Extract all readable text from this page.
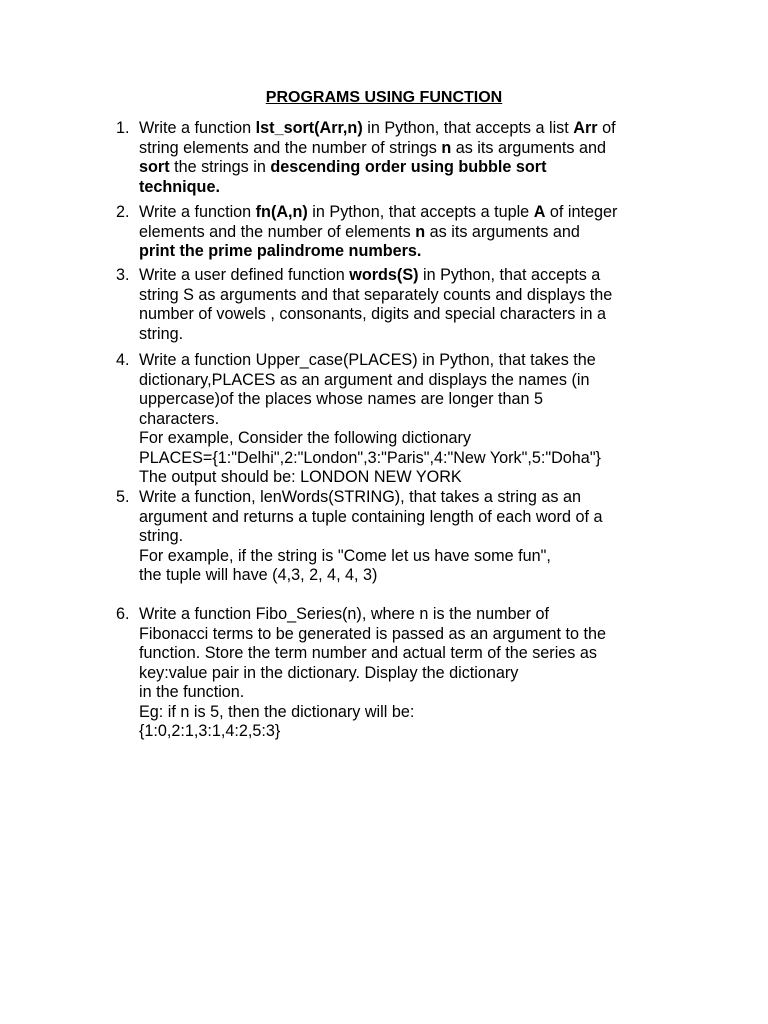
PROGRAMS USING FUNCTION
1. Write a function lst_sort(Arr,n) in Python, that accepts a list Arr of
string elements and the number of strings n as its arguments and
sort the strings in descending order using bubble sort
technique.
2. Write a function fn(A,n) in Python, that accepts a tuple A of integer
elements and the number of elements n as its arguments and
print the prime palindrome numbers.
3. Write a user defined function words(S) in Python, that accepts a
string S as arguments and that separately counts and displays the
number of vowels , consonants, digits and special characters in a
string.
4. Write a function Upper_case(PLACES) in Python, that takes the
dictionary,PLACES as an argument and displays the names (in
uppercase)of the places whose names are longer than 5
characters.
For example, Consider the following dictionary
PLACES={1:"Delhi",2:"London",3:"Paris",4:"New York",5:"Doha"}
The output should be: LONDON NEW YORK
5. Write a function, lenWords(STRING), that takes a string as an
argument and returns a tuple containing length of each word of a
string.
For example, if the string is "Come let us have some fun",
the tuple will have (4,3, 2, 4, 4, 3)
6. Write a function Fibo_Series(n), where n is the number of
Fibonacci terms to be generated is passed as an argument to the
function. Store the term number and actual term of the series as
key:value pair in the dictionary. Display the dictionary
in the function.
Eg: if n is 5, then the dictionary will be:
{1:0,2:1,3:1,4:2,5:3}
